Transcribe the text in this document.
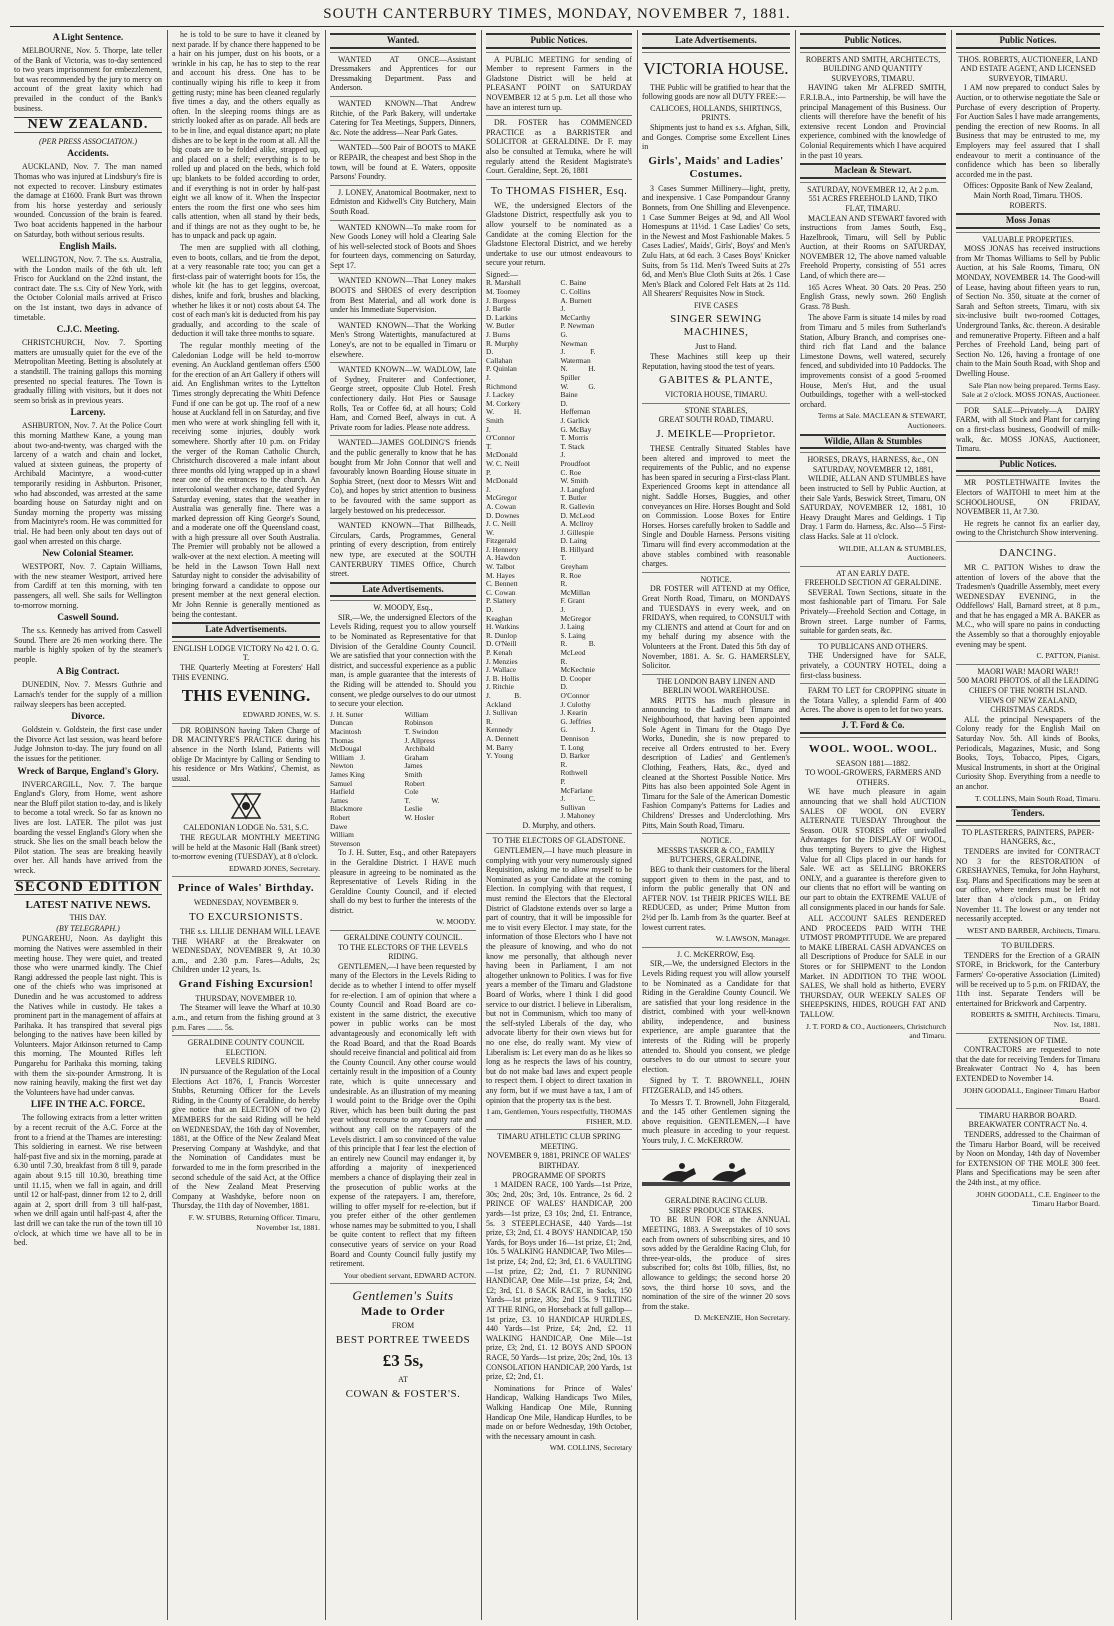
SOUTH CANTERBURY TIMES, MONDAY, NOVEMBER 7, 1881.
A Light Sentence.

MELBOURNE, Nov. 5. Thorpe, late teller of the Bank of Victoria, was to-day sentenced to two years imprisonment for embezzlement, but was recommended by the jury to mercy on account of the great laxity which had prevailed in the conduct of the Bank's business.

NEW ZEALAND.
(PER PRESS ASSOCIATION.)
Accidents.

AUCKLAND, Nov. 7. The man named Thomas who was injured at Lindsbury's fire is not expected to recover. Linsbury estimates the damage at £1600. Frank Burt was thrown from his horse yesterday and seriously wounded. Concussion of the brain is feared. Two boat accidents happened in the harbour on Saturday, both without serious results.

English Mails.

WELLINGTON, Nov. 7. The s.s. Australia, with the London mails of the 6th ult. left Frisco for Auckland on the 22nd instant, the contract date. The s.s. City of New York, with the October Colonial mails arrived at Frisco on the 1st instant, two days in advance of timetable.

C.J.C. Meeting.

CHRISTCHURCH, Nov. 7. Sporting matters are unusually quiet for the eve of the Metropolitan Meeting. Betting is absolutely at a standstill. The training gallops this morning presented no special features. The Town is gradually filling with visitors, but it does not seem so brisk as in previous years.

Larceny.

ASHBURTON, Nov. 7. At the Police Court this morning Matthew Kane, a young man about two-and-twenty, was charged with the larceny of a watch and chain and locket, valued at sixteen guineas, the property of Archibald Macintyre, a wood-cutter temporarily residing in Ashburton. Prisoner, who had absconded, was arrested at the same boarding house on Saturday night and on Sunday morning the property was missing from Macintyre's room. He was committed for trial. He had been only about ten days out of gaol when arrested on this charge.

New Colonial Steamer.

WESTPORT, Nov. 7. Captain Williams, with the new steamer Westport, arrived here from Cardiff at ten this morning, with ten passengers, all well. She sails for Wellington to-morrow morning.

Caswell Sound.

The s.s. Kennedy has arrived from Caswell Sound. There are 26 men working there. The marble is highly spoken of by the steamer's people.

A Big Contract.

DUNEDIN, Nov. 7. Messrs Guthrie and Larnach's tender for the supply of a million railway sleepers has been accepted.

Divorce.

Goldstein v. Goldstein, the first case under the Divorce Act last session, was heard before Judge Johnston to-day. The jury found on all the issues for the petitioner.

Wreck of Barque, England's Glory.

INVERCARGILL, Nov. 7. The barque England's Glory, from Home, went ashore near the Bluff pilot station to-day, and is likely to become a total wreck. So far as known no lives are lost. LATER. The pilot was just boarding the vessel England's Glory when she struck. She lies on the small beach below the Pilot station. The seas are breaking heavily over her. All hands have arrived from the wreck.

SECOND EDITION
LATEST NATIVE NEWS.
THIS DAY.
(BY TELEGRAPH.)

PUNGAREHU, Noon. As daylight this morning the Natives were assembled in their meeting house. They were quiet, and treated those who were unarmed kindly. The Chief Rangi addressed the people last night. This is one of the chiefs who was imprisoned at Dunedin and he was accustomed to address the Natives while in custody. He takes a prominent part in the management of affairs at Parihaka. It has transpired that several pigs belonging to the natives have been killed by Volunteers. Major Atkinson returned to Camp this morning. The Mounted Rifles left Pungarehu for Parihaka this morning, taking with them the six-pounder Armstrong. It is now raining heavily, making the first wet day the Volunteers have had under canvas.

LIFE IN THE A.C. FORCE.

The following extracts from a letter written by a recent recruit of the A.C. Force at the front to a friend at the Thames are interesting: This soldiering in earnest. We rise between half-past five and six in the morning, parade at 6.30 until 7.30, breakfast from 8 till 9, parade again about 9.15 till 10.30, breathing time until 11.15, when we fall in again, and drill until 12 or half-past, dinner from 12 to 2, drill again at 2, sport drill from 3 till half-past, when we drill again until half-past 4, after the last drill we can take the run of the town till 10 o'clock, at which time we have all to be in bed.

he is told to be sure to have it cleaned by next parade. If by chance there happened to be a hair on his jumper, dust on his boots, or a wrinkle in his cap, he has to step to the rear and account his dress. One has to be continually wiping his rifle to keep it from getting rusty; mine has been cleaned regularly five times a day, and the others equally as often. In the sleeping rooms things are as strictly looked after as on parade. All beds are to be in line, and equal distance apart; no plate dishes are to be kept in the room at all. All the big coats are to be folded alike, strapped up, and placed on a shelf; everything is to be rolled up and placed on the beds, which fold up; blankets to be folded according to order, and if everything is not in order by half-past eight we all know of it. When the Inspector enters the room the first one who sees him calls attention, when all stand by their beds, and if things are not as they ought to be, he has to unpack and pack up again.

The men are supplied with all clothing, even to boots, collars, and tie from the depot, at a very reasonable rate too; you can get a first-class pair of waterright boots for 15s, the whole kit (he has to get leggins, overcoat, dishes, knife and fork, brushes and blacking, whether he likes it or not) costs about £4. The cost of each man's kit is deducted from his pay gradually, and according to the scale of deduction it will take three months to square.

The regular monthly meeting of the Caledonian Lodge will be held to-morrow evening. An Auckland gentleman offers £500 for the erection of an Art Gallery if others will aid. An Englishman writes to the Lyttelton Times strongly deprecating the Whiti Defence Fund if one can be got up. The roof of a new house at Auckland fell in on Saturday, and five men who were at work shingling fell with it, receiving some injuries, doubly work somewhere. Shortly after 10 p.m. on Friday the verger of the Roman Catholic Church, Christchurch discovered a male infant about three months old lying wrapped up in a shawl near one of the entrances to the church. An intercolonial weather exchange, dated Sydney Saturday evening, states that the weather in Australia was generally fine. There was a marked depression off King George's Sound, and a moderate one off the Queensland coast, with a high pressure all over South Australia. The Premier will probably not be allowed a walk-over at the next election. A meeting will be held in the Lawson Town Hall next Saturday night to consider the advisability of bringing forward a candidate to oppose our present member at the next general election. Mr John Rennie is generally mentioned as being the contestant.

Late Advertisements.
ENGLISH LODGE VICTORY No 42 I. O. G. T.

THE Quarterly Meeting at Foresters' Hall THIS EVENING.

THIS EVENING.
EDWARD JONES, W. S.

DR ROBINSON having Taken Charge of DR MACINTYRE'S PRACTICE during his absence in the North Island, Patients will oblige Dr Macintyre by Calling or Sending to his residence or Mrs Watkins', Chemist, as usual.

CALEDONIAN LODGE No. 531, S.C.

THE REGULAR MONTHLY MEETING will be held at the Masonic Hall (Bank street) to-morrow evening (TUESDAY), at 8 o'clock.

EDWARD JONES, Secretary.
Prince of Wales' Birthday.
WEDNESDAY, NOVEMBER 9.
TO EXCURSIONISTS.

THE s.s. LILLIE DENHAM WILL LEAVE THE WHARF at the Breakwater on WEDNESDAY, NOVEMBER 9, At 10.30 a.m., and 2.30 p.m. Fares—Adults, 2s; Children under 12 years, 1s.

Grand Fishing Excursion!
THURSDAY, NOVEMBER 10.

The Steamer will leave the Wharf at 10.30 a.m., and return from the fishing ground at 3 p.m. Fares ........ 5s.

GERALDINE COUNTY COUNCIL ELECTION.
LEVELS RIDING.

IN pursuance of the Regulation of the Local Elections Act 1876, I, Francis Worcester Stubbs, Returning Officer for the Levels Riding, in the County of Geraldine, do hereby give notice that an ELECTION of two (2) MEMBERS for the said Riding will be held on WEDNESDAY, the 16th day of November, 1881, at the Office of the New Zealand Meat Preserving Company at Washdyke, and that the Nomination of Candidates must be forwarded to me in the form prescribed in the second schedule of the said Act, at the Office of the New Zealand Meat Preserving Company at Washdyke, before noon on Thursday, the 11th day of November, 1881.

F. W. STUBBS, Returning Officer. Timaru, November 1st, 1881.
Wanted.

WANTED AT ONCE—Assistant Dressmakers and Apprentices for our Dressmaking Department. Pass and Anderson.

WANTED KNOWN—That Andrew Ritchie, of the Park Bakery, will undertake Catering for Tea Meetings, Suppers, Dinners, &c. Note the address—Near Park Gates.

WANTED—500 Pair of BOOTS to MAKE or REPAIR, the cheapest and best Shop in the town, will be found at E. Waters, opposite Parsons' Foundry.

J. LONEY, Anatomical Bootmaker, next to Edmiston and Kidwell's City Butchery, Main South Road.

WANTED KNOWN—To make room for New Goods Loney will hold a Clearing Sale of his well-selected stock of Boots and Shoes for fourteen days, commencing on Saturday, Sept 17.

WANTED KNOWN—That Loney makes BOOTS and SHOES of every description from Best Material, and all work done is under his Immediate Supervision.

WANTED KNOWN—That the Working Men's Strong Watertights, manufactured at Loney's, are not to be equalled in Timaru or elsewhere.

WANTED KNOWN—W. WADLOW, late of Sydney, Fruiterer and Confectioner, George street, opposite Club Hotel. Fresh confectionery daily. Hot Pies or Sausage Rolls, Tea or Coffee 6d, at all hours; Cold Ham, and Corned Beef, always in cut. A Private room for ladies. Please note address.

WANTED—JAMES GOLDING'S friends and the public generally to know that he has bought from Mr John Connor that well and favourably known Boarding House situate in Sophia Street, (next door to Messrs Witt and Co), and hopes by strict attention to business to be favoured with the same support as largely bestowed on his predecessor.

WANTED KNOWN—That Billheads, Circulars, Cards, Programmes, General printing of every description, from entirely new type, are executed at the SOUTH CANTERBURY TIMES Office, Church street.

Late Advertisements.
W. MOODY, Esq.,

SIR,—We, the undersigned Electors of the Levels Riding, request you to allow yourself to be Nominated as Representative for that Division of the Geraldine County Council. We are satisfied that your connection with the district, and successful experience as a public man, is ample guarantee that the interests of the Riding will be attended to. Should you consent, we pledge ourselves to do our utmost to secure your election.

J. H. Sutter
Duncan Macintosh
Thomas McDougal
William J. Newton
James King
Samuel Hatfield
James Blackmore
Robert Dawe
William Stevenson
William Robinson
T. Swindon
J. Allpress
Archibald Graham
James Smith
Robert Cole
T. W. Leslie
W. Hosler

To J. H. Sutter, Esq., and other Ratepayers in the Geraldine District. I HAVE much pleasure in agreeing to be nominated as the Representative of Levels Riding in the Geraldine County Council, and if elected shall do my best to further the interests of the district.

W. MOODY.
GERALDINE COUNTY COUNCIL.
TO THE ELECTORS OF THE LEVELS RIDING.

GENTLEMEN,—I have been requested by many of the Electors in the Levels Riding to decide as to whether I intend to offer myself for re-election. I am of opinion that where a County Council and Road Board are co-existent in the same district, the executive power in public works can be most advantageously and economically left with the Road Board, and that the Road Boards should receive financial and political aid from the County Council. Any other course would certainly result in the imposition of a County rate, which is quite unnecessary and undesirable. As an illustration of my meaning I would point to the Bridge over the Opihi River, which has been built during the past year without recourse to any County rate and without any call on the ratepayers of the Levels district. I am so convinced of the value of this principle that I fear lest the election of an entirely new Council may endanger it, by affording a majority of inexperienced members a chance of displaying their zeal in the prosecution of public works at the expense of the ratepayers. I am, therefore, willing to offer myself for re-election, but if you prefer either of the other gentlemen whose names may be submitted to you, I shall be quite content to reflect that my fifteen consecutive years of service on your Road Board and County Council fully justify my retirement.

Your obedient servant, EDWARD ACTON.
Gentlemen's Suits
Made to Order
FROM
BEST PORTREE TWEEDS
£3 5s,
AT
COWAN & FOSTER'S.
Public Notices.

A PUBLIC MEETING for sending of Member to represent Farmers in the Gladstone District will be held at PLEASANT POINT on SATURDAY NOVEMBER 12 at 5 p.m. Let all those who have an interest turn up.

DR. FOSTER has COMMENCED PRACTICE as a BARRISTER and SOLICITOR at GERALDINE. Dr F. may also be consulted at Temuka, where he will regularly attend the Resident Magistrate's Court. Geraldine, Sept. 26, 1881

To THOMAS FISHER, Esq.

WE, the undersigned Electors of the Gladstone District, respectfully ask you to allow yourself to be nominated as a Candidate at the coming Election for the Gladstone Electoral District, and we hereby undertake to use our utmost endeavours to secure your return.

Signed:—
R. Marshall
M. Toomey
J. Burgess
J. Bartle
D. Larkins
W. Butler
J. Burns
R. Murphy
D. Callahan
P. Quinlan
J. Richmond
J. Lackey
M. Corkery
W. H. Smith
J. O'Connor
T. McDonald
W. C. Neill
P. McDonald
J. McGregor
A. Cowan
D. Downes
J. C. Neill
W. Fitzgerald
J. Hennery
A. Hawdon
W. Talbot
M. Hayes
C. Bennett
C. Cowan
P. Slattery
D. Keaghan
H. Watkins
R. Dunlop
D. O'Neill
P. Kenah
J. Menzies
J. Wallace
J. B. Hollis
J. Ritchie
J. B. Ackland
J. Sullivan
R. Kennedy
A. Dennett
M. Barry
Y. Young
C. Baine
C. Collins
A. Burnett
J. McCarthy
P. Newman
G. Newman
J. F. Waterman
N. H. Spiller
W. G. Baine
D. Heffernan
J. Garlick
G. McBay
T. Morris
T. Stack
J. Proudfoot
C. Roe
W. Smith
J. Langford
T. Butler
R. Gallevin
D. McLeod
A. Mcllroy
J. Gillespie
D. Laing
B. Hillyard
T. Greyham
R. Roe
R. McMillan
F. Grant
J. McGregor
J. Laing
S. Laing
R. B. McLeod
R. McKechnie
D. Cooper
D. O'Connor
J. Culothy
J. Kearin
G. Jeffries
G. J. Dennison
T. Long
D. Barker
R. Rothwell
P. McFarlane
J. C. Sullivan
J. Mahoney
D. Murphy, and others.
TO THE ELECTORS OF GLADSTONE.

GENTLEMEN,—I have much pleasure in complying with your very numerously signed Requisition, asking me to allow myself to be Nominated as your Candidate at the coming Election. In complying with that request, I must remind the Electors that the Electoral District of Gladstone extends over so large a part of country, that it will be impossible for me to visit every Elector. I may state, for the information of those Electors who I have not the pleasure of knowing, and who do not know me personally, that although never having been in Parliament, I am not altogether unknown to Politics. I was for five years a member of the Timaru and Gladstone Board of Works, where I think I did good service to our district. I believe in Liberalism, but not in Communism, which too many of the self-styled Liberals of the day, who advocate liberty for their own views but for no one else, do really want. My view of Liberalism is: Let every man do as he likes so long as he respects the laws of his country, but do not make bad laws and expect people to respect them. I object to direct taxation in any form, but if we must have a tax, I am of opinion that the property tax is the best.

I am, Gentlemen, Yours respectfully, THOMAS FISHER, M.D.
TIMARU ATHLETIC CLUB SPRING MEETING.
NOVEMBER 9, 1881, PRINCE OF WALES' BIRTHDAY.
PROGRAMME OF SPORTS

1 MAIDEN RACE, 100 Yards—1st Prize, 30s; 2nd, 20s; 3rd, 10s. Entrance, 2s 6d. 2 PRINCE OF WALES' HANDICAP, 200 yards—1st prize, £3 10s; 2nd, £1. Entrance, 5s. 3 STEEPLECHASE, 440 Yards—1st prize, £3; 2nd, £1. 4 BOYS' HANDICAP, 150 Yards, for Boys under 16—1st prize, £1; 2nd, 10s. 5 WALKING HANDICAP, Two Miles—1st prize, £4; 2nd, £2; 3rd, £1. 6 VAULTING—1st prize, £2; 2nd, £1. 7 RUNNING HANDICAP, One Mile—1st prize, £4; 2nd, £2; 3rd, £1. 8 SACK RACE, in Sacks, 150 Yards—1st prize, 30s; 2nd 15s. 9 TILTING AT THE RING, on Horseback at full gallop—1st prize, £3. 10 HANDICAP HURDLES, 440 Yards—1st Prize, £4; 2nd, £2. 11 WALKING HANDICAP, One Mile—1st prize, £3; 2nd, £1. 12 BOYS AND SPOON RACE, 50 Yards—1st prize, 20s; 2nd, 10s. 13 CONSOLATION HANDICAP, 200 Yards, 1st prize, £2; 2nd, £1.

Nominations for Prince of Wales' Handicap, Walking Handicaps Two Miles, Walking Handicap One Mile, Running Handicap One Mile, Handicap Hurdles, to be made on or before Wednesday, 19th October, with the necessary amount in cash.

WM. COLLINS, Secretary
Late Advertisements.
VICTORIA HOUSE.

THE Public will be gratified to hear that the following goods are now all DUTY FREE:—

CALICOES, HOLLANDS, SHIRTINGS, PRINTS.

Shipments just to hand ex s.s. Afghan, Silk, and Gonges. Comprise some Excellent Lines in

Girls', Maids' and Ladies' Costumes.

3 Cases Summer Millinery—light, pretty, and inexpensive. 1 Case Pompandour Granny Bonnets, from One Shilling and Elevenpence. 1 Case Summer Beiges at 9d, and All Wool Homespuns at 11½d. 1 Case Ladies' Co sets, in the Newest and Most Fashionable Makes. 5 Cases Ladies', Maids', Girls', Boys' and Men's Zulu Hats, at 6d each. 3 Cases Boys' Knicker Suits, from 5s 11d. Men's Tweed Suits at 27s 6d, and Men's Blue Cloth Suits at 26s. 1 Case Men's Black and Colored Felt Hats at 2s 11d. All Shearers' Requisites Now in Stock.

FIVE CASES
SINGER SEWING MACHINES,
Just to Hand.

These Machines still keep up their Reputation, having stood the test of years.

GABITES & PLANTE,
VICTORIA HOUSE, TIMARU.
STONE STABLES,
GREAT SOUTH ROAD, TIMARU.
J. MEIKLE—Proprietor.

THESE Centrally Situated Stables have been altered and improved to meet the requirements of the Public, and no expense has been spared in securing a First-class Plant. Experienced Grooms kept in attendance all night. Saddle Horses, Buggies, and other conveyances on Hire. Horses Bought and Sold on Commission. Loose Boxes for Entire Horses. Horses carefully broken to Saddle and Single and Double Harness. Persons visiting Timaru will find every accommodation at the above stables combined with reasonable charges.

NOTICE.

DR FOSTER will ATTEND at my Office, Great North Road, Timaru, on MONDAYS and TUESDAYS in every week, and on FRIDAYS, when required, to CONSULT with my CLIENTS and attend at Court for and on my behalf during my absence with the Volunteers at the Front. Dated this 5th day of November, 1881. A. Sr. G. HAMERSLEY, Solicitor.

THE LONDON BABY LINEN AND BERLIN WOOL WAREHOUSE.

MRS PITTS has much pleasure in announcing to the Ladies of Timaru and Neighbourhood, that having been appointed Sole Agent in Timaru for the Otago Dye Works, Dunedin, she is now prepared to receive all Orders entrusted to her. Every description of Ladies' and Gentlemen's Clothing, Feathers, Hats, &c., dyed and cleaned at the Shortest Possible Notice. Mrs Pitts has also been appointed Sole Agent in Timaru for the Sale of the American Domestic Fashion Company's Patterns for Ladies and Childrens' Dresses and Underclothing. Mrs Pitts, Main South Road, Timaru.

NOTICE.
MESSRS TASKER & CO., FAMILY BUTCHERS, GERALDINE,

BEG to thank their customers for the liberal support given to them in the past, and to inform the public generally that ON and AFTER NOV. 1st THEIR PRICES WILL BE REDUCED, as under; Prime Mutton from 2½d per lb. Lamb from 3s the quarter. Beef at lowest current rates.

W. LAWSON, Manager.
J. C. McKERROW, Esq.

SIR,—We, the undersigned Electors in the Levels Riding request you will allow yourself to be Nominated as a Candidate for that Riding in the Geraldine County Council. We are satisfied that your long residence in the district, combined with your well-known ability, independence, and business experience, are ample guarantee that the interests of the Riding will be properly attended to. Should you consent, we pledge ourselves to do our utmost to secure your election.

Signed by T. T. BROWNELL, JOHN FITZGERALD, and 145 others.

To Messrs T. T. Brownell, John Fitzgerald, and the 145 other Gentlemen signing the above requisition. GENTLEMEN,—I have much pleasure in acceding to your request. Yours truly, J. C. McKERROW.

GERALDINE RACING CLUB.
SIRES' PRODUCE STAKES.

TO BE RUN FOR at the ANNUAL MEETING, 1883. A Sweepstakes of 10 sovs each from owners of subscribing sires, and 10 sovs added by the Geraldine Racing Club, for three-year-olds, the produce of sires subscribed for; colts 8st 10lb, fillies, 8st, no allowance to geldings; the second horse 20 sovs, the third horse 10 sovs, and the nomination of the sire of the winner 20 sovs from the stake.

D. McKENZIE, Hon Secretary.
Public Notices.
ROBERTS AND SMITH, ARCHITECTS, BUILDING AND QUANTITY SURVEYORS, TIMARU.

HAVING taken Mr ALFRED SMITH, F.R.I.B.A., into Partnership, be will have the principal Management of this Business. Our clients will therefore have the benefit of his extensive recent London and Provincial experience, combined with the knowledge of Colonial Requirements which I have acquired in the past 10 years.

Maclean & Stewart.
SATURDAY, NOVEMBER 12, At 2 p.m.
551 ACRES FREEHOLD LAND, TIKO FLAT, TIMARU.

MACLEAN AND STEWART favored with instructions from James South, Esq., Hazelbrook, Timaru, will Sell by Public Auction, at their Rooms on SATURDAY, NOVEMBER 12, The above named valuable Freehold Property, consisting of 551 acres Land, of which there are—

165 Acres Wheat. 30 Oats. 20 Peas. 250 English Grass, newly sown. 260 English Grass. 78 Bush.

The above Farm is situate 14 miles by road from Timaru and 5 miles from Sutherland's Station, Albury Branch, and comprises one-third rich flat Land and the balance Limestone Downs, well watered, securely fenced, and subdivided into 10 Paddocks. The improvements consist of a good 5-roomed House, Men's Hut, and the usual Outbuildings, together with a well-stocked orchard.

Terms at Sale. MACLEAN & STEWART, Auctioneers.
Wildie, Allan & Stumbles
HORSES, DRAYS, HARNESS, &c., ON SATURDAY, NOVEMBER 12, 1881,

WILDIE, ALLAN AND STUMBLES have been instructed to Sell by Public Auction, at their Sale Yards, Beswick Street, Timaru, ON SATURDAY, NOVEMBER 12, 1881, 10 Heavy Draught Mares and Geldings. 1 Tip Dray. 1 Farm do. Harness, &c. Also—5 First-class Hacks. Sale at 11 o'clock.

WILDIE, ALLAN & STUMBLES, Auctioneers.
AT AN EARLY DATE.
FREEHOLD SECTION AT GERALDINE.

SEVERAL Town Sections, situate in the most fashionable part of Timaru. For Sale Privately—Freehold Section and Cottage, in Brown street. Large number of Farms, suitable for garden seats, &c.

TO PUBLICANS AND OTHERS.

THE Undersigned have for SALE, privately, a COUNTRY HOTEL, doing a first-class business.

FARM TO LET for CROPPING situate in the Totara Valley, a splendid Farm of 400 Acres. The above is open to let for two years.

J. T. Ford & Co.
WOOL. WOOL. WOOL.
SEASON 1881—1882.
TO WOOL-GROWERS, FARMERS AND OTHERS.

WE have much pleasure in again announcing that we shall hold AUCTION SALES OF WOOL ON EVERY ALTERNATE TUESDAY Throughout the Season. OUR STORES offer unrivalled Advantages for the DISPLAY OF WOOL, thus tempting Buyers to give the Highest Value for all Clips placed in our hands for Sale. WE act as SELLING BROKERS ONLY, and a guarantee is therefore given to our clients that no effort will be wanting on our part to obtain the EXTREME VALUE of all consignments placed in our hands for Sale.

ALL ACCOUNT SALES RENDERED AND PROCEEDS PAID WITH THE UTMOST PROMPTITUDE. We are prepared to MAKE LIBERAL CASH ADVANCES on all Descriptions of Produce for SALE in our Stores or for SHIPMENT to the London Market. IN ADDITION TO THE WOOL SALES, We shall hold as hitherto, EVERY THURSDAY, OUR WEEKLY SALES OF SHEEPSKINS, HIDES, ROUGH FAT AND TALLOW.

J. T. FORD & CO., Auctioneers, Christchurch and Timaru.
Public Notices.
THOS. ROBERTS, AUCTIONEER, LAND AND ESTATE AGENT, AND LICENSED SURVEYOR, TIMARU.

I AM now prepared to conduct Sales by Auction, or to otherwise negotiate the Sale or Purchase of every description of Property. For Auction Sales I have made arrangements, pending the erection of new Rooms. In all Business that may be entrusted to me, my Employers may feel assured that I shall endeavour to merit a continuance of the confidence which has been so liberally accorded me in the past.

Offices: Opposite Bank of New Zealand, Main North Road, Timaru. THOS. ROBERTS.
Moss Jonas
VALUABLE PROPERTIES.

MOSS JONAS has received instructions from Mr Thomas Williams to Sell by Public Auction, at his Sale Rooms, Timaru, ON MONDAY, NOVEMBER 14. The Good-will of Lease, having about fifteen years to run, of Section No. 350, situate at the corner of Sarah and Sefton streets, Timaru, with six six-inclusive built two-roomed Cottages, Underground Tanks, &c. thereon. A desirable and remunerative Property. Fifteen and a half Perches of Freehold Land, being part of Section No. 126, having a frontage of one chain to the Main South Road, with Shop and Dwelling House.

Sale Plan now being prepared. Terms Easy. Sale at 2 o'clock. MOSS JONAS, Auctioneer.

FOR SALE—Privately—A DAIRY FARM, with all Stock and Plant for carrying on a first-class business, Goodwill of milk-walk, &c. MOSS JONAS, Auctioneer, Timaru.

Public Notices.

MR POSTLETHWAITE Invites the Electors of WAITOHI to meet him at the SCHOOLHOUSE, ON FRIDAY, NOVEMBER 11, At 7.30.

He regrets he cannot fix an earlier day, owing to the Christchurch Show intervening.

DANCING.

MR C. PATTON Wishes to draw the attention of lovers of the above that the Tradesmen's Quadrille Assembly, meet every WEDNESDAY EVENING, in the Oddfellows' Hall, Barnard street, at 8 p.m., and that he has engaged a MR A. BAKER as M.C., who will spare no pains in conducting the Assembly so that a thoroughly enjoyable evening may be spent.

C. PATTON, Pianist.
MAORI WAR! MAORI WAR!!
500 MAORI PHOTOS. of all the LEADING CHIEFS OF THE NORTH ISLAND.
VIEWS OF NEW ZEALAND, CHRISTMAS CARDS.

ALL the principal Newspapers of the Colony ready for the English Mail on Saturday Nov. 5th. All kinds of Books, Periodicals, Magazines, Music, and Song Books, Toys, Tobacco, Pipes, Cigars, Musical Instruments, in short at the Original Curiosity Shop. Everything from a needle to an anchor.

T. COLLINS, Main South Road, Timaru.
Tenders.
TO PLASTERERS, PAINTERS, PAPER-HANGERS, &c.,

TENDERS are invited for CONTRACT NO 3 for the RESTORATION of GRESHAYNES, Temuka, for John Hayhurst, Esq. Plans and Specifications may be seen at our office, where tenders must be left not later than 4 o'clock p.m., on Friday November 11. The lowest or any tender not necessarily accepted.

WEST AND BARBER, Architects, Timaru.
TO BUILDERS.

TENDERS for the Erection of a GRAIN STORE, in Brickwork, for the Canterbury Farmers' Co-operative Association (Limited) will be received up to 5 p.m. on FRIDAY, the 11th inst. Separate Tenders will be entertained for Brickwork and Carpentry.

ROBERTS & SMITH, Architects. Timaru, Nov. 1st, 1881.
EXTENSION OF TIME.

CONTRACTORS are requested to note that the date for receiving Tenders for Timaru Breakwater Contract No 4, has been EXTENDED to November 14.

JOHN GOODALL, Engineer Timaru Harbor Board.
TIMARU HARBOR BOARD.
BREAKWATER CONTRACT No. 4.

TENDERS, addressed to the Chairman of the Timaru Harbor Board, will be received by Noon on Monday, 14th day of November for EXTENSION OF THE MOLE 300 feet. Plans and Specifications may be seen after the 24th inst., at my office.

JOHN GOODALL, C.E. Engineer to the Timaru Harbor Board.
